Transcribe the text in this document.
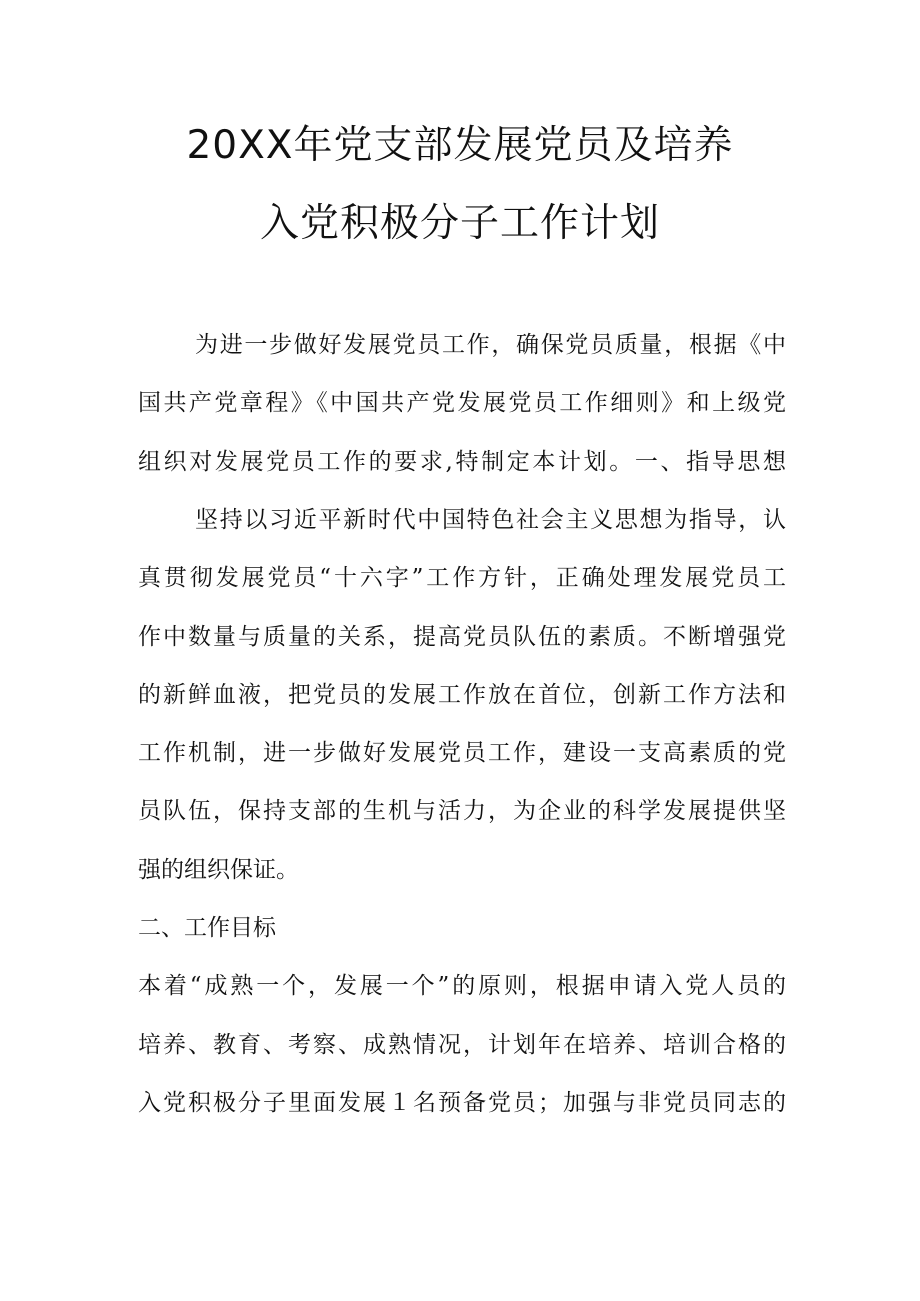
20XX年党支部发展党员及培养
入党积极分子工作计划
为进一步做好发展党员工作，确保党员质量，根据《中
国共产党章程》《中国共产党发展党员工作细则》和上级党
组织对发展党员工作的要求,特制定本计划。一、指导思想
坚持以习近平新时代中国特色社会主义思想为指导，认
真贯彻发展党员“十六字”工作方针，正确处理发展党员工
作中数量与质量的关系，提高党员队伍的素质。不断增强党
的新鲜血液，把党员的发展工作放在首位，创新工作方法和
工作机制，进一步做好发展党员工作，建设一支高素质的党
员队伍，保持支部的生机与活力，为企业的科学发展提供坚
强的组织保证。
二、工作目标
本着“成熟一个，发展一个”的原则，根据申请入党人员的
培养、教育、考察、成熟情况，计划年在培养、培训合格的
入党积极分子里面发展１名预备党员；加强与非党员同志的
